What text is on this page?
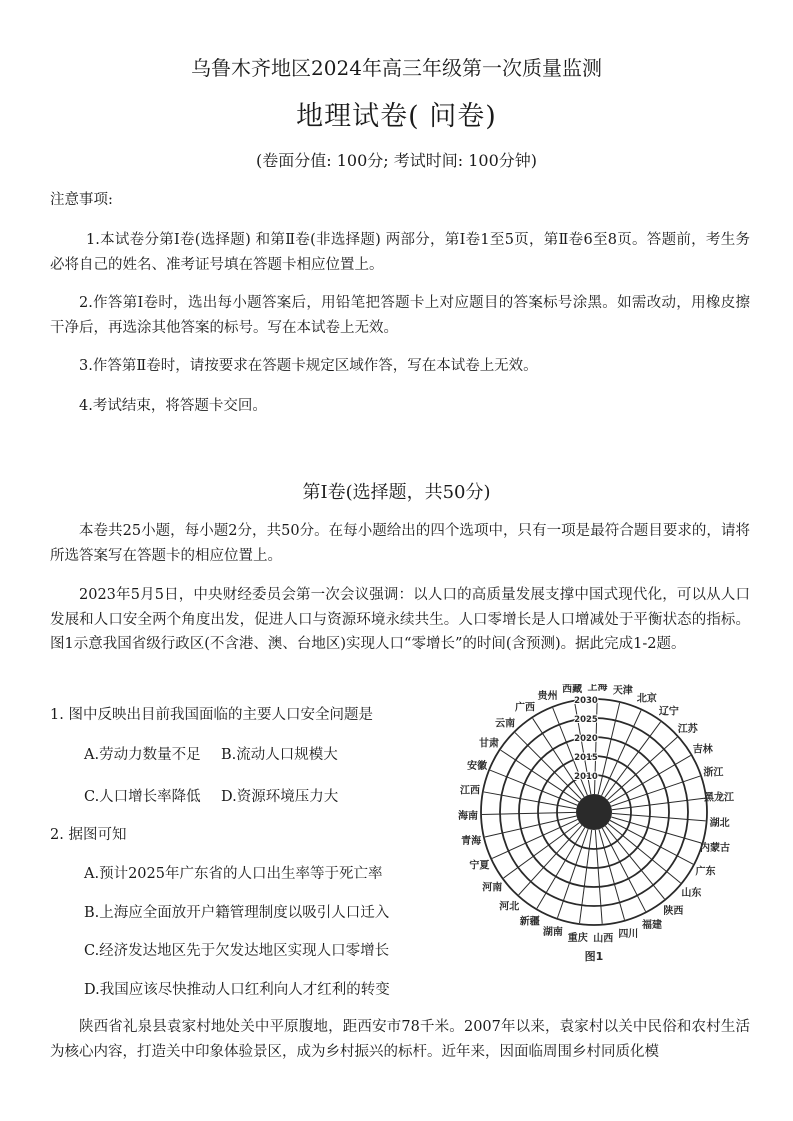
乌鲁木齐地区2024年高三年级第一次质量监测
地理试卷( 问卷)
(卷面分值: 100分; 考试时间: 100分钟)
注意事项:
1.本试卷分第Ⅰ卷(选择题) 和第Ⅱ卷(非选择题) 两部分，第Ⅰ卷1至5页，第Ⅱ卷6至8页。答题前，考生务必将自己的姓名、准考证号填在答题卡相应位置上。
2.作答第Ⅰ卷时，选出每小题答案后，用铅笔把答题卡上对应题目的答案标号涂黑。如需改动，用橡皮擦干净后，再选涂其他答案的标号。写在本试卷上无效。
3.作答第Ⅱ卷时，请按要求在答题卡规定区域作答，写在本试卷上无效。
4.考试结束，将答题卡交回。
第Ⅰ卷(选择题，共50分)
本卷共25小题，每小题2分，共50分。在每小题给出的四个选项中，只有一项是最符合题目要求的，请将所选答案写在答题卡的相应位置上。
2023年5月5日，中央财经委员会第一次会议强调：以人口的高质量发展支撑中国式现代化，可以从人口发展和人口安全两个角度出发，促进人口与资源环境永续共生。人口零增长是人口增减处于平衡状态的指标。图1示意我国省级行政区(不含港、澳、台地区)实现人口“零增长”的时间(含预测)。据此完成1-2题。
1. 图中反映出目前我国面临的主要人口安全问题是
A.劳动力数量不足 B.流动人口规模大
C.人口增长率降低 D.资源环境压力大
2. 据图可知
A.预计2025年广东省的人口出生率等于死亡率
B.上海应全面放开户籍管理制度以吸引人口迁入
C.经济发达地区先于欠发达地区实现人口零增长
D.我国应该尽快推动人口红利向人才红利的转变
西藏 上海 天津
北京
辽宁
江苏
吉林
浙江
黑龙江
湖北
内蒙古
广东
山东
陕西
福建
四川
山西
重庆
湖南
新疆
河北
河南
宁夏
青海
海南
江西
安徽
甘肃
云南
广西
贵州
2010
2015
2020
2025
2030
图1
陕西省礼泉县袁家村地处关中平原腹地，距西安市78千米。2007年以来，袁家村以关中民俗和农村生活为核心内容，打造关中印象体验景区，成为乡村振兴的标杆。近年来，因面临周围乡村同质化模
